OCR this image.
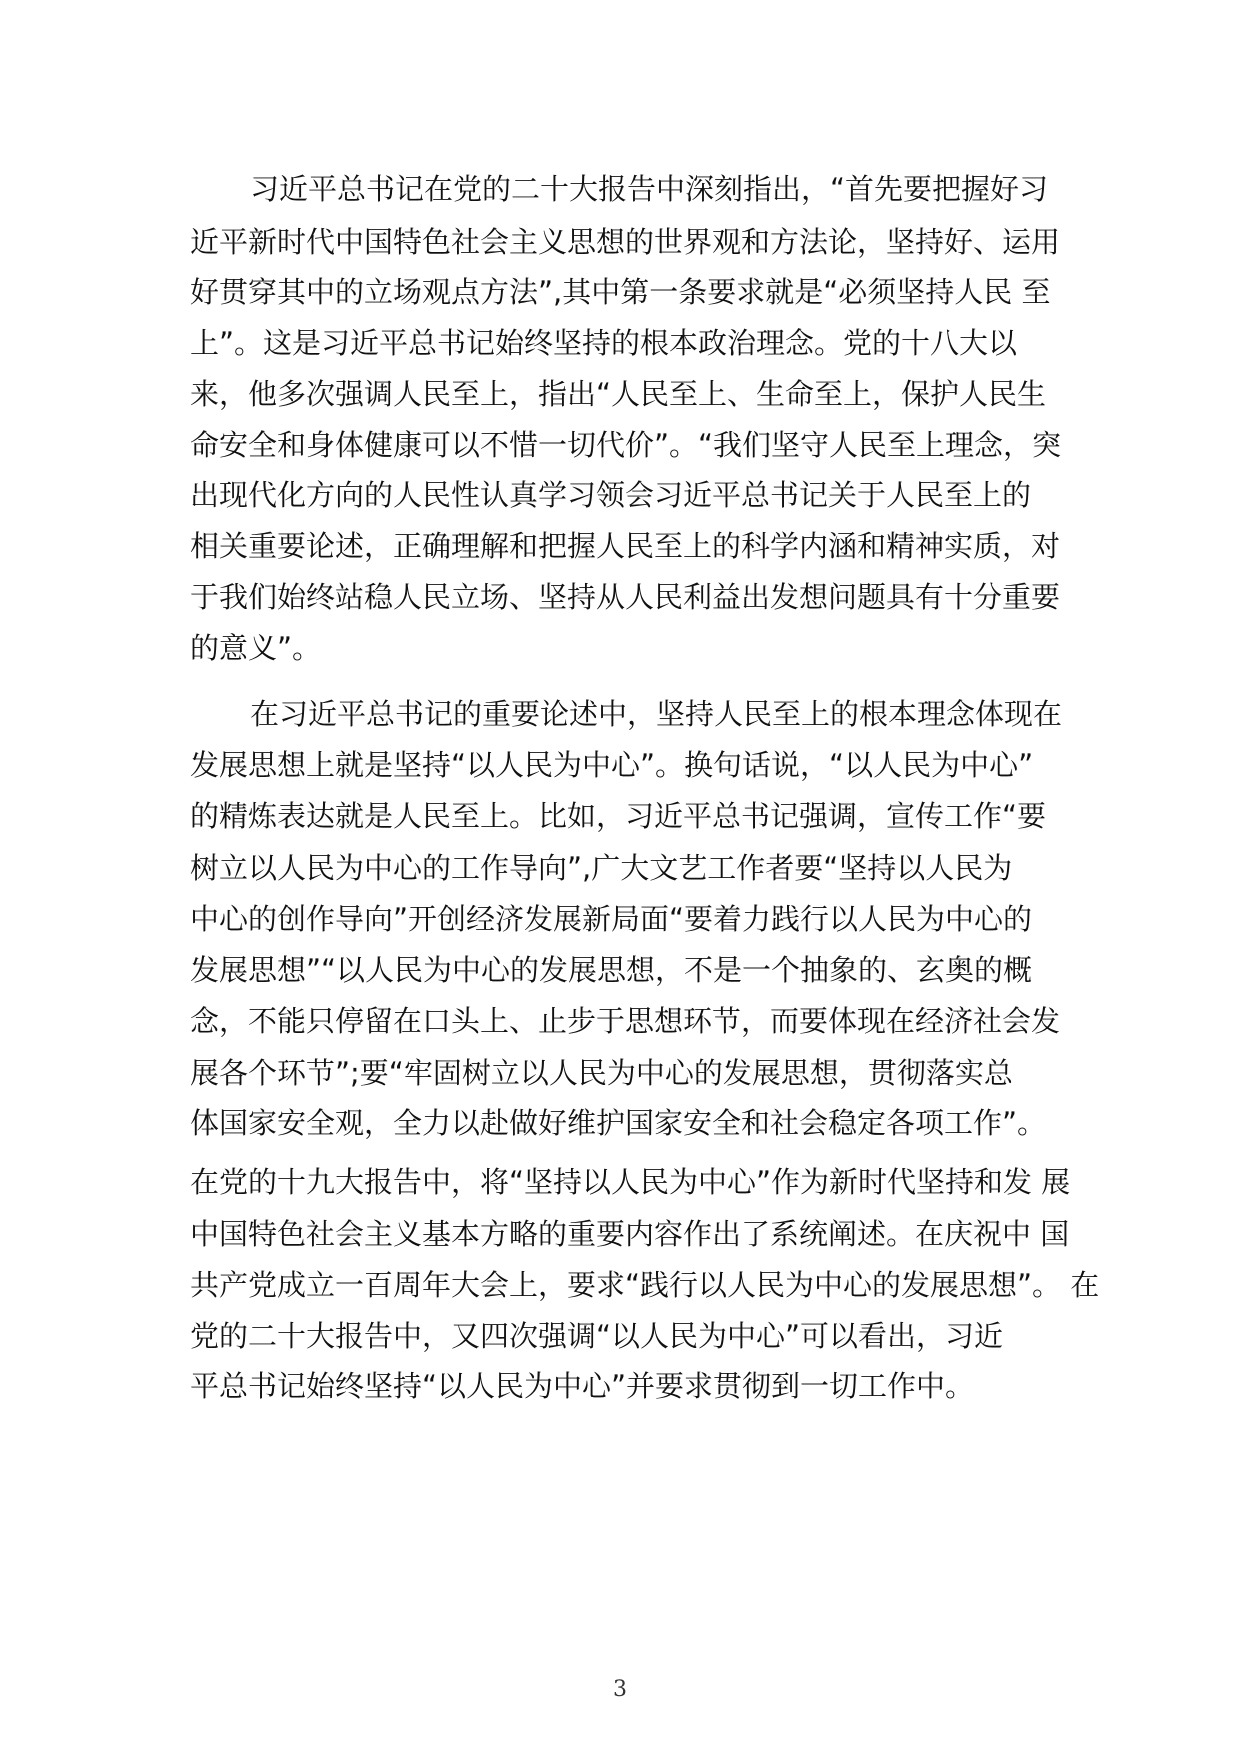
习近平总书记在党的二十大报告中深刻指出，“首先要把握好习
近平新时代中国特色社会主义思想的世界观和方法论，坚持好、运用
好贯穿其中的立场观点方法”,其中第一条要求就是“必须坚持人民 至
上”。这是习近平总书记始终坚持的根本政治理念。党的十八大以
来，他多次强调人民至上，指出“人民至上、生命至上，保护人民生
命安全和身体健康可以不惜一切代价”。“我们坚守人民至上理念，突
出现代化方向的人民性认真学习领会习近平总书记关于人民至上的
相关重要论述，正确理解和把握人民至上的科学内涵和精神实质，对
于我们始终站稳人民立场、坚持从人民利益出发想问题具有十分重要
的意义”。
在习近平总书记的重要论述中，坚持人民至上的根本理念体现在
发展思想上就是坚持“以人民为中心”。换句话说，“以人民为中心”
的精炼表达就是人民至上。比如，习近平总书记强调，宣传工作“要
树立以人民为中心的工作导向”,广大文艺工作者要“坚持以人民为
中心的创作导向”开创经济发展新局面“要着力践行以人民为中心的
发展思想”“以人民为中心的发展思想，不是一个抽象的、玄奥的概
念，不能只停留在口头上、止步于思想环节，而要体现在经济社会发
展各个环节”;要“牢固树立以人民为中心的发展思想，贯彻落实总
体国家安全观，全力以赴做好维护国家安全和社会稳定各项工作”。
在党的十九大报告中，将“坚持以人民为中心”作为新时代坚持和发 展
中国特色社会主义基本方略的重要内容作出了系统阐述。在庆祝中 国
共产党成立一百周年大会上，要求“践行以人民为中心的发展思想”。 在
党的二十大报告中，又四次强调“以人民为中心”可以看出，习近
平总书记始终坚持“以人民为中心”并要求贯彻到一切工作中。
3
